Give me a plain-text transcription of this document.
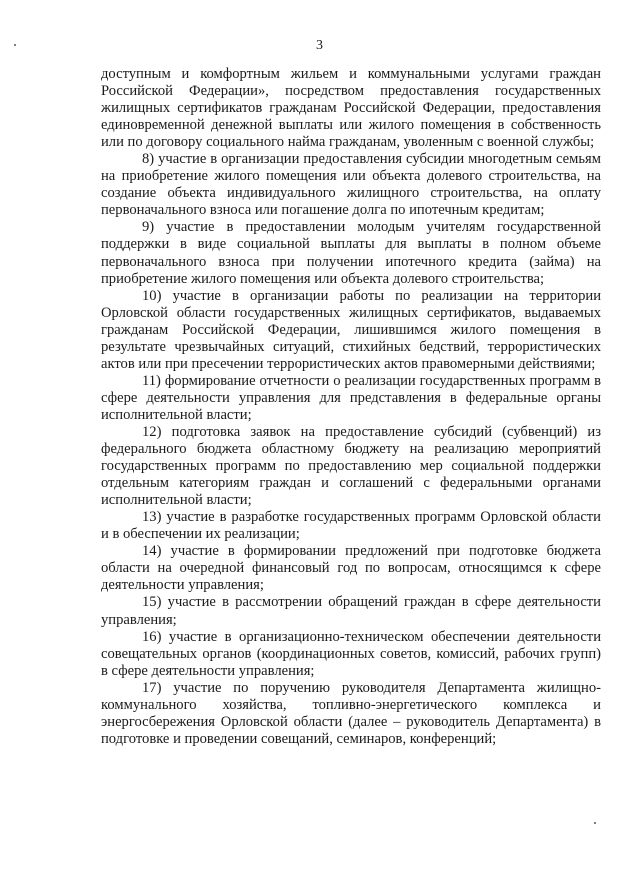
3

доступным и комфортным жильем и коммунальными услугами граждан Российской Федерации», посредством предоставления государственных жилищных сертификатов гражданам Российской Федерации, предоставления единовременной денежной выплаты или жилого помещения в собственность или по договору социального найма гражданам, уволенным с военной службы;

8) участие в организации предоставления субсидии многодетным семьям на приобретение жилого помещения или объекта долевого строительства, на создание объекта индивидуального жилищного строительства, на оплату первоначального взноса или погашение долга по ипотечным кредитам;

9) участие в предоставлении молодым учителям государственной поддержки в виде социальной выплаты для выплаты в полном объеме первоначального взноса при получении ипотечного кредита (займа) на приобретение жилого помещения или объекта долевого строительства;

10) участие в организации работы по реализации на территории Орловской области государственных жилищных сертификатов, выдаваемых гражданам Российской Федерации, лишившимся жилого помещения в результате чрезвычайных ситуаций, стихийных бедствий, террористических актов или при пресечении террористических актов правомерными действиями;

11) формирование отчетности о реализации государственных программ в сфере деятельности управления для представления в федеральные органы исполнительной власти;

12) подготовка заявок на предоставление субсидий (субвенций) из федерального бюджета областному бюджету на реализацию мероприятий государственных программ по предоставлению мер социальной поддержки отдельным категориям граждан и соглашений с федеральными органами исполнительной власти;

13) участие в разработке государственных программ Орловской области и в обеспечении их реализации;

14) участие в формировании предложений при подготовке бюджета области на очередной финансовый год по вопросам, относящимся к сфере деятельности управления;

15) участие в рассмотрении обращений граждан в сфере деятельности управления;

16) участие в организационно-техническом обеспечении деятельности совещательных органов (координационных советов, комиссий, рабочих групп) в сфере деятельности управления;

17) участие по поручению руководителя Департамента жилищно-коммунального хозяйства, топливно-энергетического комплекса и энергосбережения Орловской области (далее – руководитель Департамента) в подготовке и проведении совещаний, семинаров, конференций;
